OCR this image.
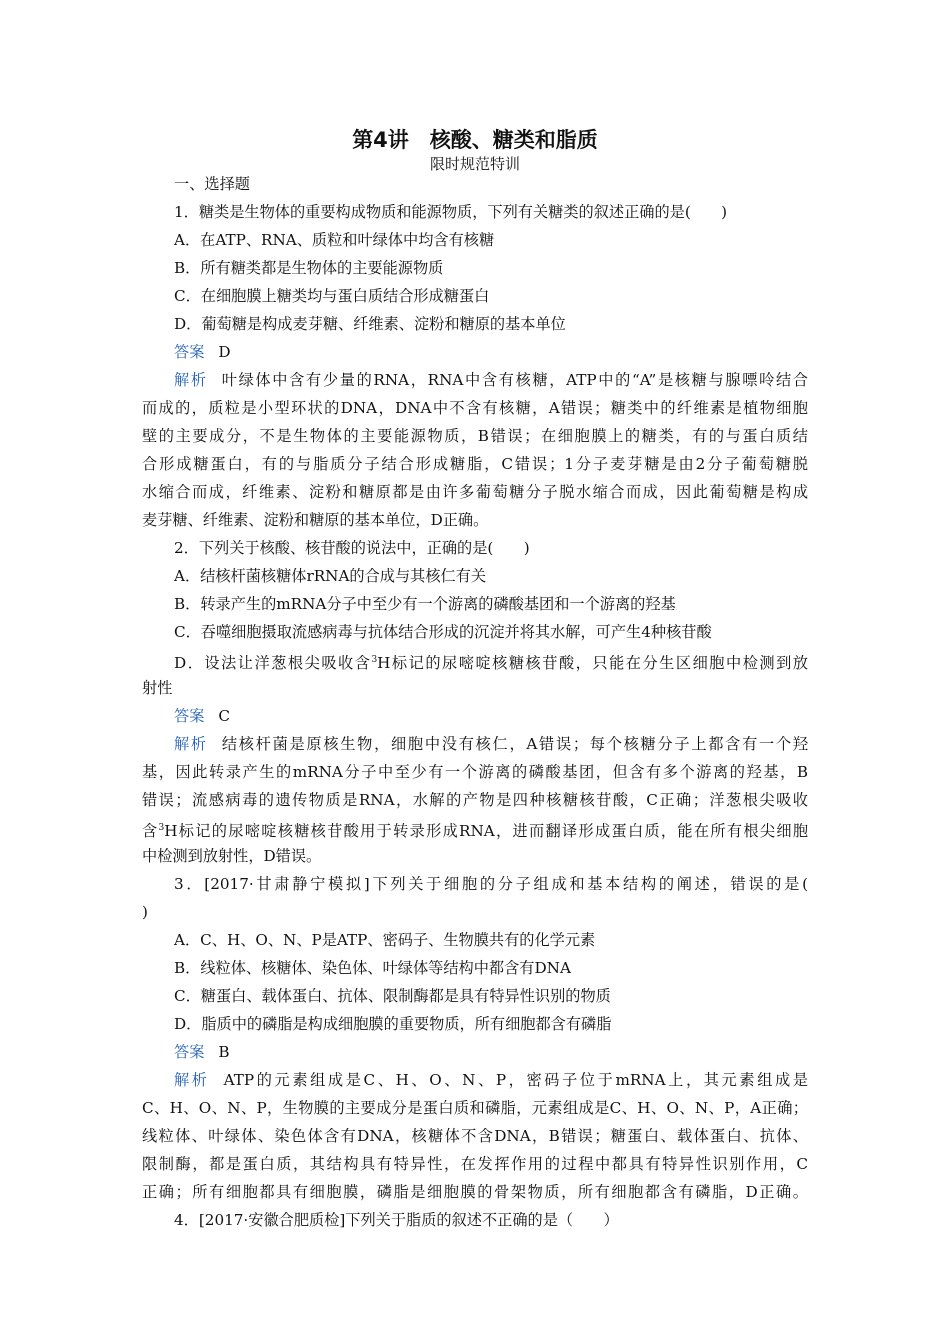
第4讲　核酸、糖类和脂质
限时规范特训
一、选择题
1．糖类是生物体的重要构成物质和能源物质，下列有关糖类的叙述正确的是(　　)
A．在ATP、RNA、质粒和叶绿体中均含有核糖
B．所有糖类都是生物体的主要能源物质
C．在细胞膜上糖类均与蛋白质结合形成糖蛋白
D．葡萄糖是构成麦芽糖、纤维素、淀粉和糖原的基本单位
答案 D
解析 叶绿体中含有少量的RNA，RNA中含有核糖，ATP中的“A”是核糖与腺嘌呤结合
而成的，质粒是小型环状的DNA，DNA中不含有核糖，A错误；糖类中的纤维素是植物细胞
壁的主要成分，不是生物体的主要能源物质，B错误；在细胞膜上的糖类，有的与蛋白质结
合形成糖蛋白，有的与脂质分子结合形成糖脂，C错误；1分子麦芽糖是由2分子葡萄糖脱
水缩合而成，纤维素、淀粉和糖原都是由许多葡萄糖分子脱水缩合而成，因此葡萄糖是构成
麦芽糖、纤维素、淀粉和糖原的基本单位，D正确。
2．下列关于核酸、核苷酸的说法中，正确的是(　　)
A．结核杆菌核糖体rRNA的合成与其核仁有关
B．转录产生的mRNA分子中至少有一个游离的磷酸基团和一个游离的羟基
C．吞噬细胞摄取流感病毒与抗体结合形成的沉淀并将其水解，可产生4种核苷酸
D．设法让洋葱根尖吸收含$^3$H标记的尿嘧啶核糖核苷酸，只能在分生区细胞中检测到放
射性
答案 C
解析 结核杆菌是原核生物，细胞中没有核仁，A错误；每个核糖分子上都含有一个羟
基，因此转录产生的mRNA分子中至少有一个游离的磷酸基团，但含有多个游离的羟基，B
错误；流感病毒的遗传物质是RNA，水解的产物是四种核糖核苷酸，C正确；洋葱根尖吸收
含$^3$H标记的尿嘧啶核糖核苷酸用于转录形成RNA，进而翻译形成蛋白质，能在所有根尖细胞
中检测到放射性，D错误。
3．[2017·甘肃静宁模拟]下列关于细胞的分子组成和基本结构的阐述，错误的是(
)
A．C、H、O、N、P是ATP、密码子、生物膜共有的化学元素
B．线粒体、核糖体、染色体、叶绿体等结构中都含有DNA
C．糖蛋白、载体蛋白、抗体、限制酶都是具有特异性识别的物质
D．脂质中的磷脂是构成细胞膜的重要物质，所有细胞都含有磷脂
答案 B
解析 ATP的元素组成是C、H、O、N、P，密码子位于mRNA上，其元素组成是
C、H、O、N、P，生物膜的主要成分是蛋白质和磷脂，元素组成是C、H、O、N、P，A正确；
线粒体、叶绿体、染色体含有DNA，核糖体不含DNA，B错误；糖蛋白、载体蛋白、抗体、
限制酶，都是蛋白质，其结构具有特异性，在发挥作用的过程中都具有特异性识别作用，C
正确；所有细胞都具有细胞膜，磷脂是细胞膜的骨架物质，所有细胞都含有磷脂，D正确。
4．[2017·安徽合肥质检]下列关于脂质的叙述不正确的是（　　）
